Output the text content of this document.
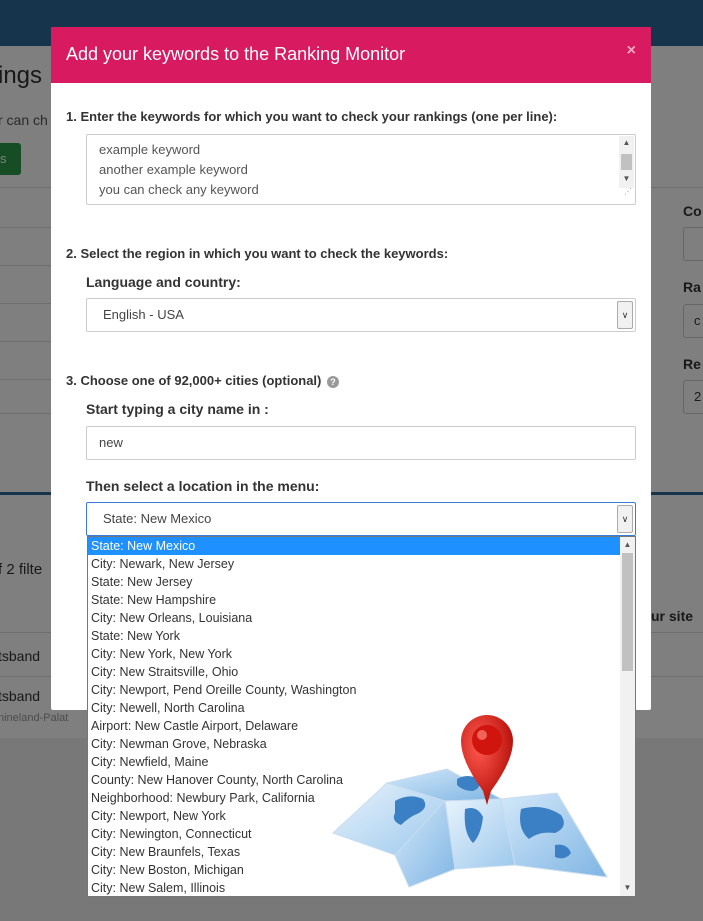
Add your keywords to the Ranking Monitor	×
1. Enter the keywords for which you want to check your rankings (one per line):
example keyword
another example keyword
you can check any keyword
▲
▼
⋰
2. Select the region in which you want to check the keywords:
Language and country:
English - USA	∨
3. Choose one of 92,000+ cities (optional) ?
Start typing a city name in :
new
Then select a location in the menu:
State: New Mexico	∨
State: New Mexico
City: Newark, New Jersey
State: New Jersey
State: New Hampshire
City: New Orleans, Louisiana
State: New York
City: New York, New York
City: New Straitsville, Ohio
City: Newport, Pend Oreille County, Washington
City: Newell, North Carolina
Airport: New Castle Airport, Delaware
City: Newman Grove, Nebraska
City: Newfield, Maine
County: New Hanover County, North Carolina
Neighborhood: Newbury Park, California
City: Newport, New York
City: Newington, Connecticut
City: New Braunfels, Texas
City: New Boston, Michigan
City: New Salem, Illinois
▲
▼
